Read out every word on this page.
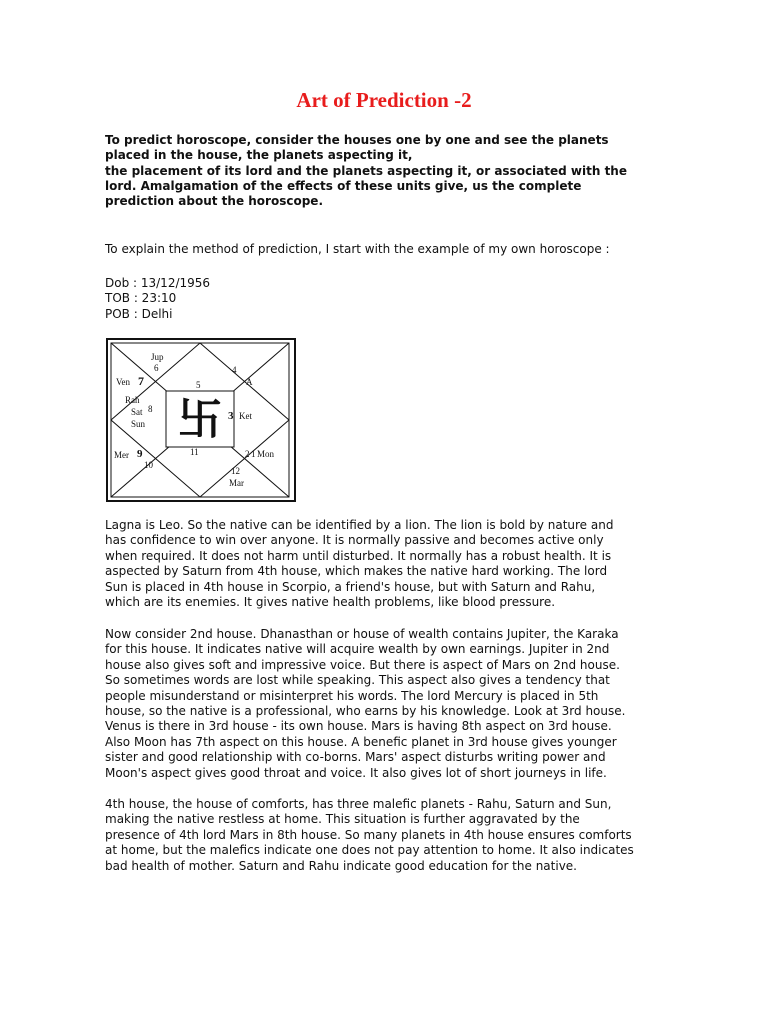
Art of Prediction -2
To predict horoscope, consider the houses one by one and see the planets
placed in the house, the planets aspecting it,
the placement of its lord and the planets aspecting it, or associated with the
lord. Amalgamation of the effects of these units give, us the complete
prediction about the horoscope.
To explain the method of prediction, I start with the example of my own horoscope :
Dob : 13/12/1956
TOB : 23:10
POB : Delhi
卐
Jup
6
Ven 7
4
A
5
Rah
Sat 8
Sun
3 Ket
Mer 9
10
11	2 1 Mon
12
Mar
Lagna is Leo. So the native can be identified by a lion. The lion is bold by nature and
has confidence to win over anyone. It is normally passive and becomes active only
when required. It does not harm until disturbed. It normally has a robust health. It is
aspected by Saturn from 4th house, which makes the native hard working. The lord
Sun is placed in 4th house in Scorpio, a friend's house, but with Saturn and Rahu,
which are its enemies. It gives native health problems, like blood pressure.
Now consider 2nd house. Dhanasthan or house of wealth contains Jupiter, the Karaka
for this house. It indicates native will acquire wealth by own earnings. Jupiter in 2nd
house also gives soft and impressive voice. But there is aspect of Mars on 2nd house.
So sometimes words are lost while speaking. This aspect also gives a tendency that
people misunderstand or misinterpret his words. The lord Mercury is placed in 5th
house, so the native is a professional, who earns by his knowledge. Look at 3rd house.
Venus is there in 3rd house - its own house. Mars is having 8th aspect on 3rd house.
Also Moon has 7th aspect on this house. A benefic planet in 3rd house gives younger
sister and good relationship with co-borns. Mars' aspect disturbs writing power and
Moon's aspect gives good throat and voice. It also gives lot of short journeys in life.
4th house, the house of comforts, has three malefic planets - Rahu, Saturn and Sun,
making the native restless at home. This situation is further aggravated by the
presence of 4th lord Mars in 8th house. So many planets in 4th house ensures comforts
at home, but the malefics indicate one does not pay attention to home. It also indicates
bad health of mother. Saturn and Rahu indicate good education for the native.
